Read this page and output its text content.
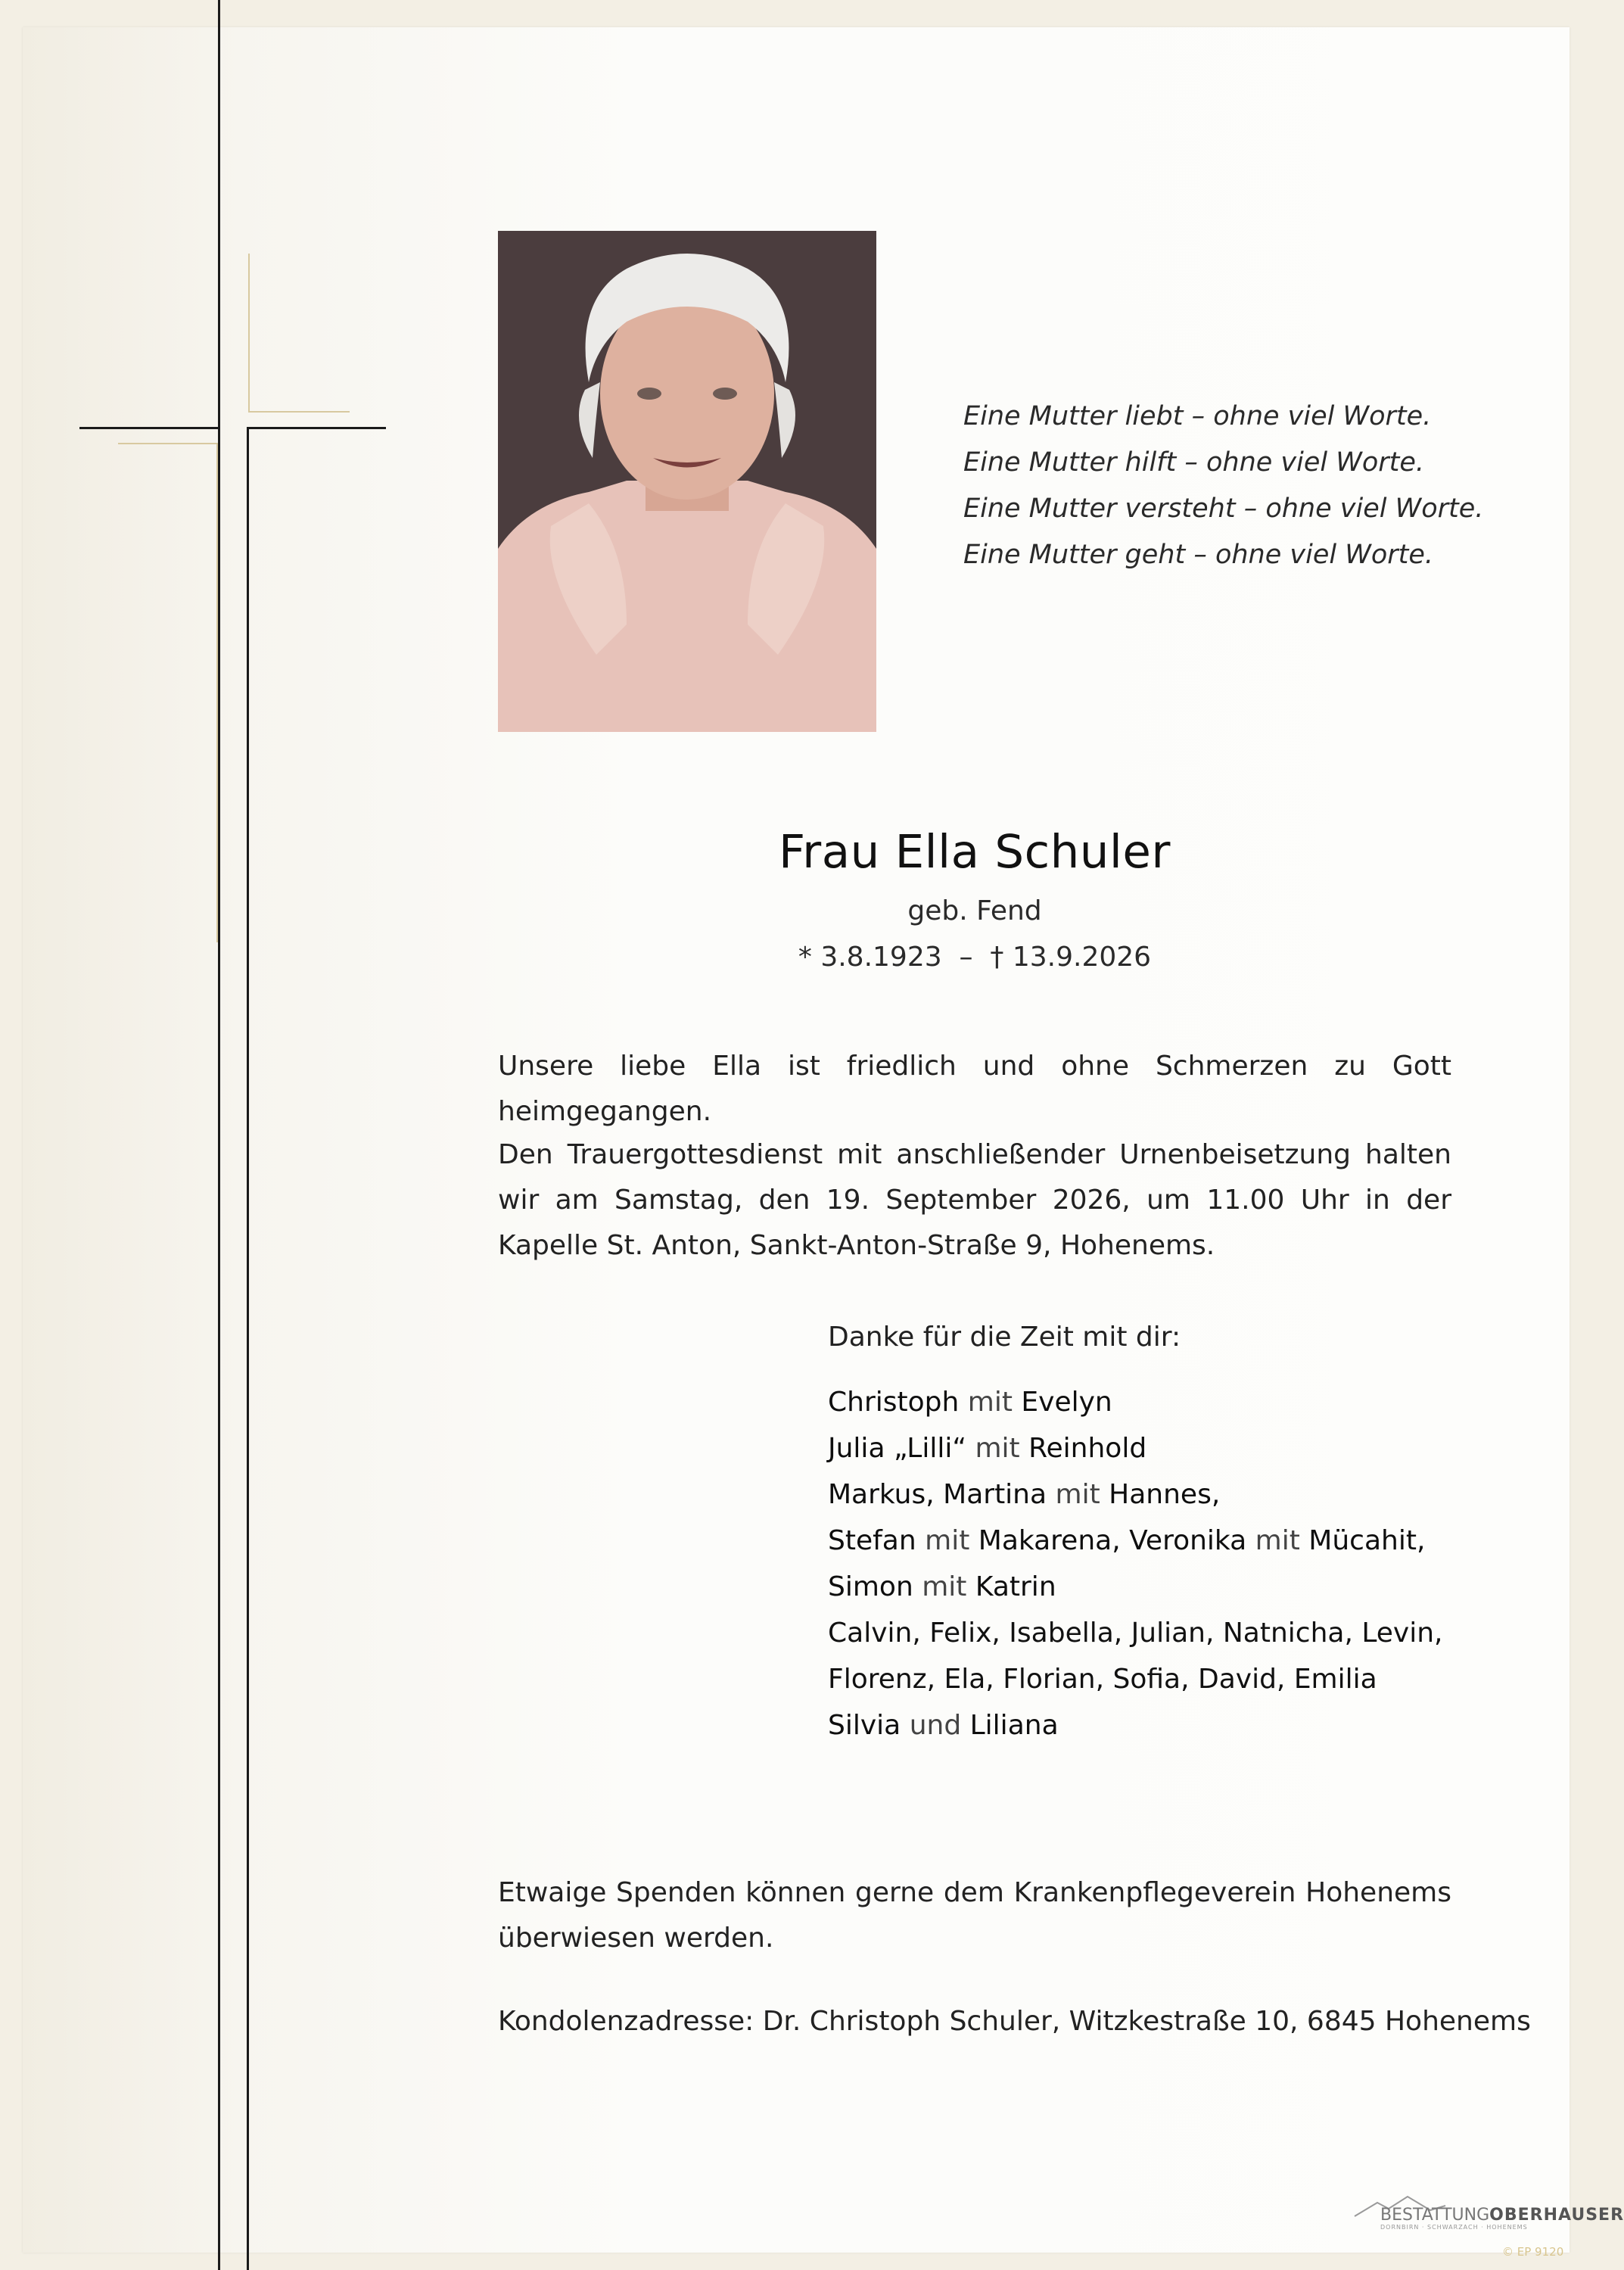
Eine Mutter liebt – ohne viel Worte.
Eine Mutter hilft – ohne viel Worte.
Eine Mutter versteht – ohne viel Worte.
Eine Mutter geht – ohne viel Worte.
Frau Ella Schuler
geb. Fend
* 3.8.1923  –  † 13.9.2026
Unsere liebe Ella ist friedlich und ohne Schmerzen zu Gott heimgegangen.
Den Trauergottesdienst mit anschließender Urnenbeisetzung halten wir am Samstag, den 19. September 2026, um 11.00 Uhr in der Kapelle St. Anton, Sankt-Anton-Straße 9, Hohenems.
Danke für die Zeit mit dir:
Christoph mit Evelyn
Julia „Lilli“ mit Reinhold
Markus, Martina mit Hannes,
Stefan mit Makarena, Veronika mit Mücahit,
Simon mit Katrin
Calvin, Felix, Isabella, Julian, Natnicha, Levin,
Florenz, Ela, Florian, Sofia, David, Emilia
Silvia und Liliana
Etwaige Spenden können gerne dem Krankenpflegeverein Hohenems überwiesen werden.
Kondolenzadresse: Dr. Christoph Schuler, Witzkestraße 10, 6845 Hohenems
BESTATTUNGOBERHAUSER
DORNBIRN · SCHWARZACH · HOHENEMS
© EP 9120
